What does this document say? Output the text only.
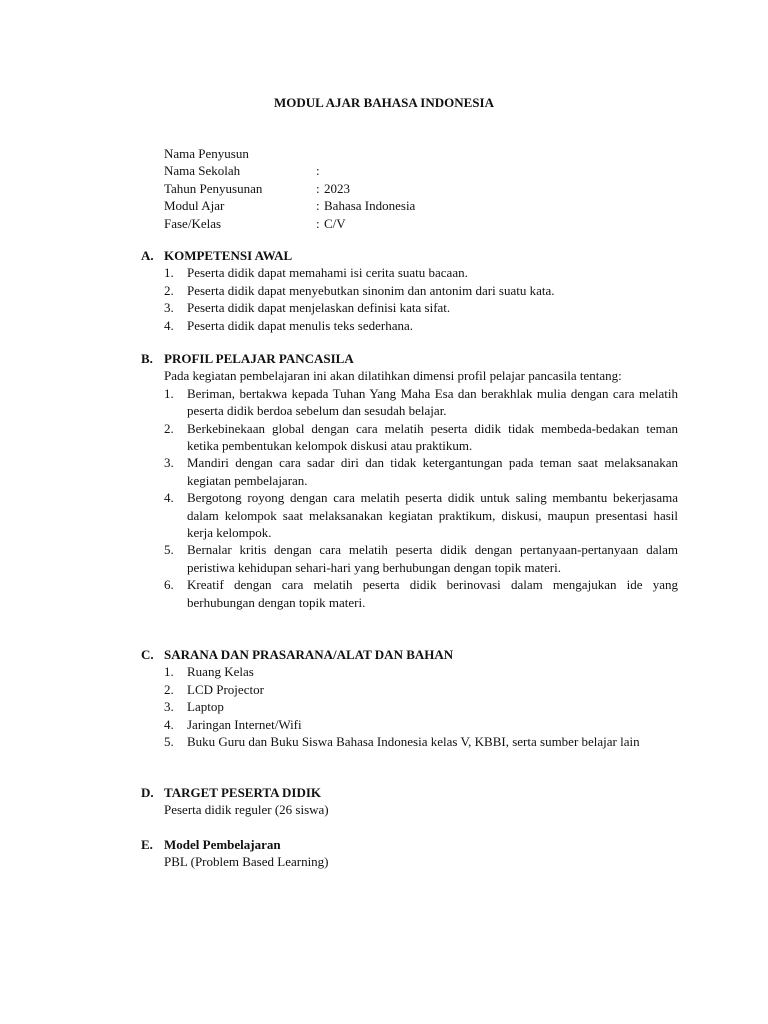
MODUL AJAR BAHASA INDONESIA
Nama Penyusun
Nama Sekolah	:
Tahun Penyusunan	: 2023
Modul Ajar	: Bahasa Indonesia
Fase/Kelas	: C/V
A. KOMPETENSI AWAL
1.	Peserta didik dapat memahami isi cerita suatu bacaan.
2.	Peserta didik dapat menyebutkan sinonim dan antonim dari suatu kata.
3.	Peserta didik dapat menjelaskan definisi kata sifat.
4.	Peserta didik dapat menulis teks sederhana.
B. PROFIL PELAJAR PANCASILA
Pada kegiatan pembelajaran ini akan dilatihkan dimensi profil pelajar pancasila tentang:
1.	Beriman, bertakwa kepada Tuhan Yang Maha Esa dan berakhlak mulia dengan cara melatih peserta didik berdoa sebelum dan sesudah belajar.
2.	Berkebinekaan global dengan cara melatih peserta didik tidak membeda-bedakan teman ketika pembentukan kelompok diskusi atau praktikum.
3.	Mandiri dengan cara sadar diri dan tidak ketergantungan pada teman saat melaksanakan kegiatan pembelajaran.
4.	Bergotong royong dengan cara melatih peserta didik untuk saling membantu bekerjasama dalam kelompok saat melaksanakan kegiatan praktikum, diskusi, maupun presentasi hasil kerja kelompok.
5.	Bernalar kritis dengan cara melatih peserta didik dengan pertanyaan-pertanyaan dalam peristiwa kehidupan sehari-hari yang berhubungan dengan topik materi.
6.	Kreatif dengan cara melatih peserta didik berinovasi dalam mengajukan ide yang berhubungan dengan topik materi.
C. SARANA DAN PRASARANA/ALAT DAN BAHAN
1.	Ruang Kelas
2.	LCD Projector
3.	Laptop
4.	Jaringan Internet/Wifi
5.	Buku Guru dan Buku Siswa Bahasa Indonesia kelas V, KBBI, serta sumber belajar lain
D. TARGET PESERTA DIDIK
Peserta didik reguler (26 siswa)
E. Model Pembelajaran
PBL (Problem Based Learning)
